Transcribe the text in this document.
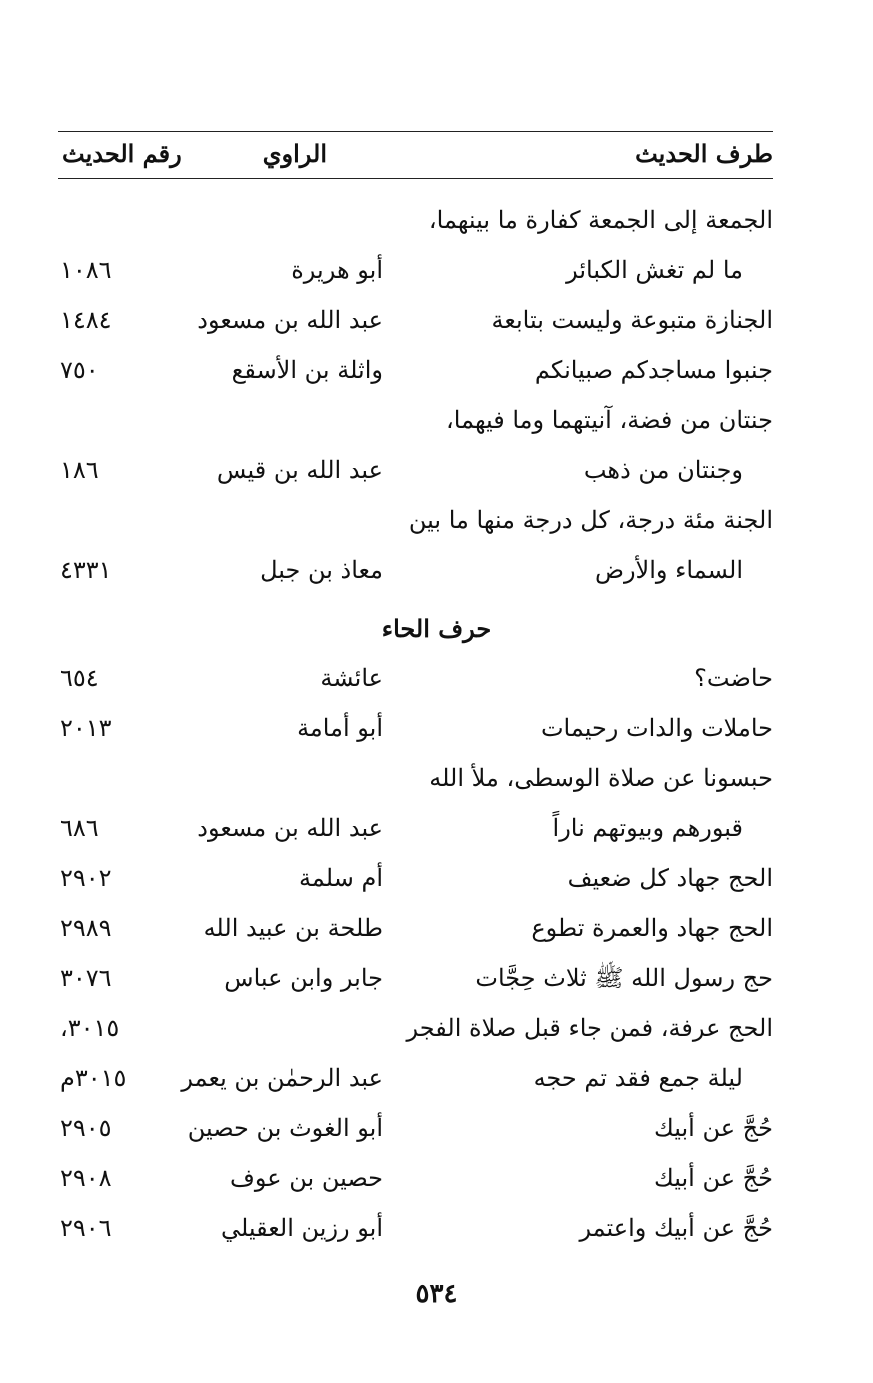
طرف الحديث
الراوي
رقم الحديث
الجمعة إلى الجمعة كفارة ما بينهما،
ما لم تغش الكبائر
أبو هريرة
١٠٨٦
الجنازة متبوعة وليست بتابعة
عبد الله بن مسعود
١٤٨٤
جنبوا مساجدكم صبيانكم
واثلة بن الأسقع
٧٥٠
جنتان من فضة، آنيتهما وما فيهما،
وجنتان من ذهب
عبد الله بن قيس
١٨٦
الجنة مئة درجة، كل درجة منها ما بين
السماء والأرض
معاذ بن جبل
٤٣٣١
حرف الحاء
حاضت؟
عائشة
٦٥٤
حاملات والدات رحيمات
أبو أمامة
٢٠١٣
حبسونا عن صلاة الوسطى، ملأ الله
قبورهم وبيوتهم ناراً
عبد الله بن مسعود
٦٨٦
الحج جهاد كل ضعيف
أم سلمة
٢٩٠٢
الحج جهاد والعمرة تطوع
طلحة بن عبيد الله
٢٩٨٩
حج رسول الله ﷺ ثلاث حِجَّات
جابر وابن عباس
٣٠٧٦
الحج عرفة، فمن جاء قبل صلاة الفجر
٣٠١٥،
ليلة جمع فقد تم حجه
عبد الرحمٰن بن يعمر
٣٠١٥م
حُجَّ عن أبيك
أبو الغوث بن حصين
٢٩٠٥
حُجَّ عن أبيك
حصين بن عوف
٢٩٠٨
حُجَّ عن أبيك واعتمر
أبو رزين العقيلي
٢٩٠٦
٥٣٤
